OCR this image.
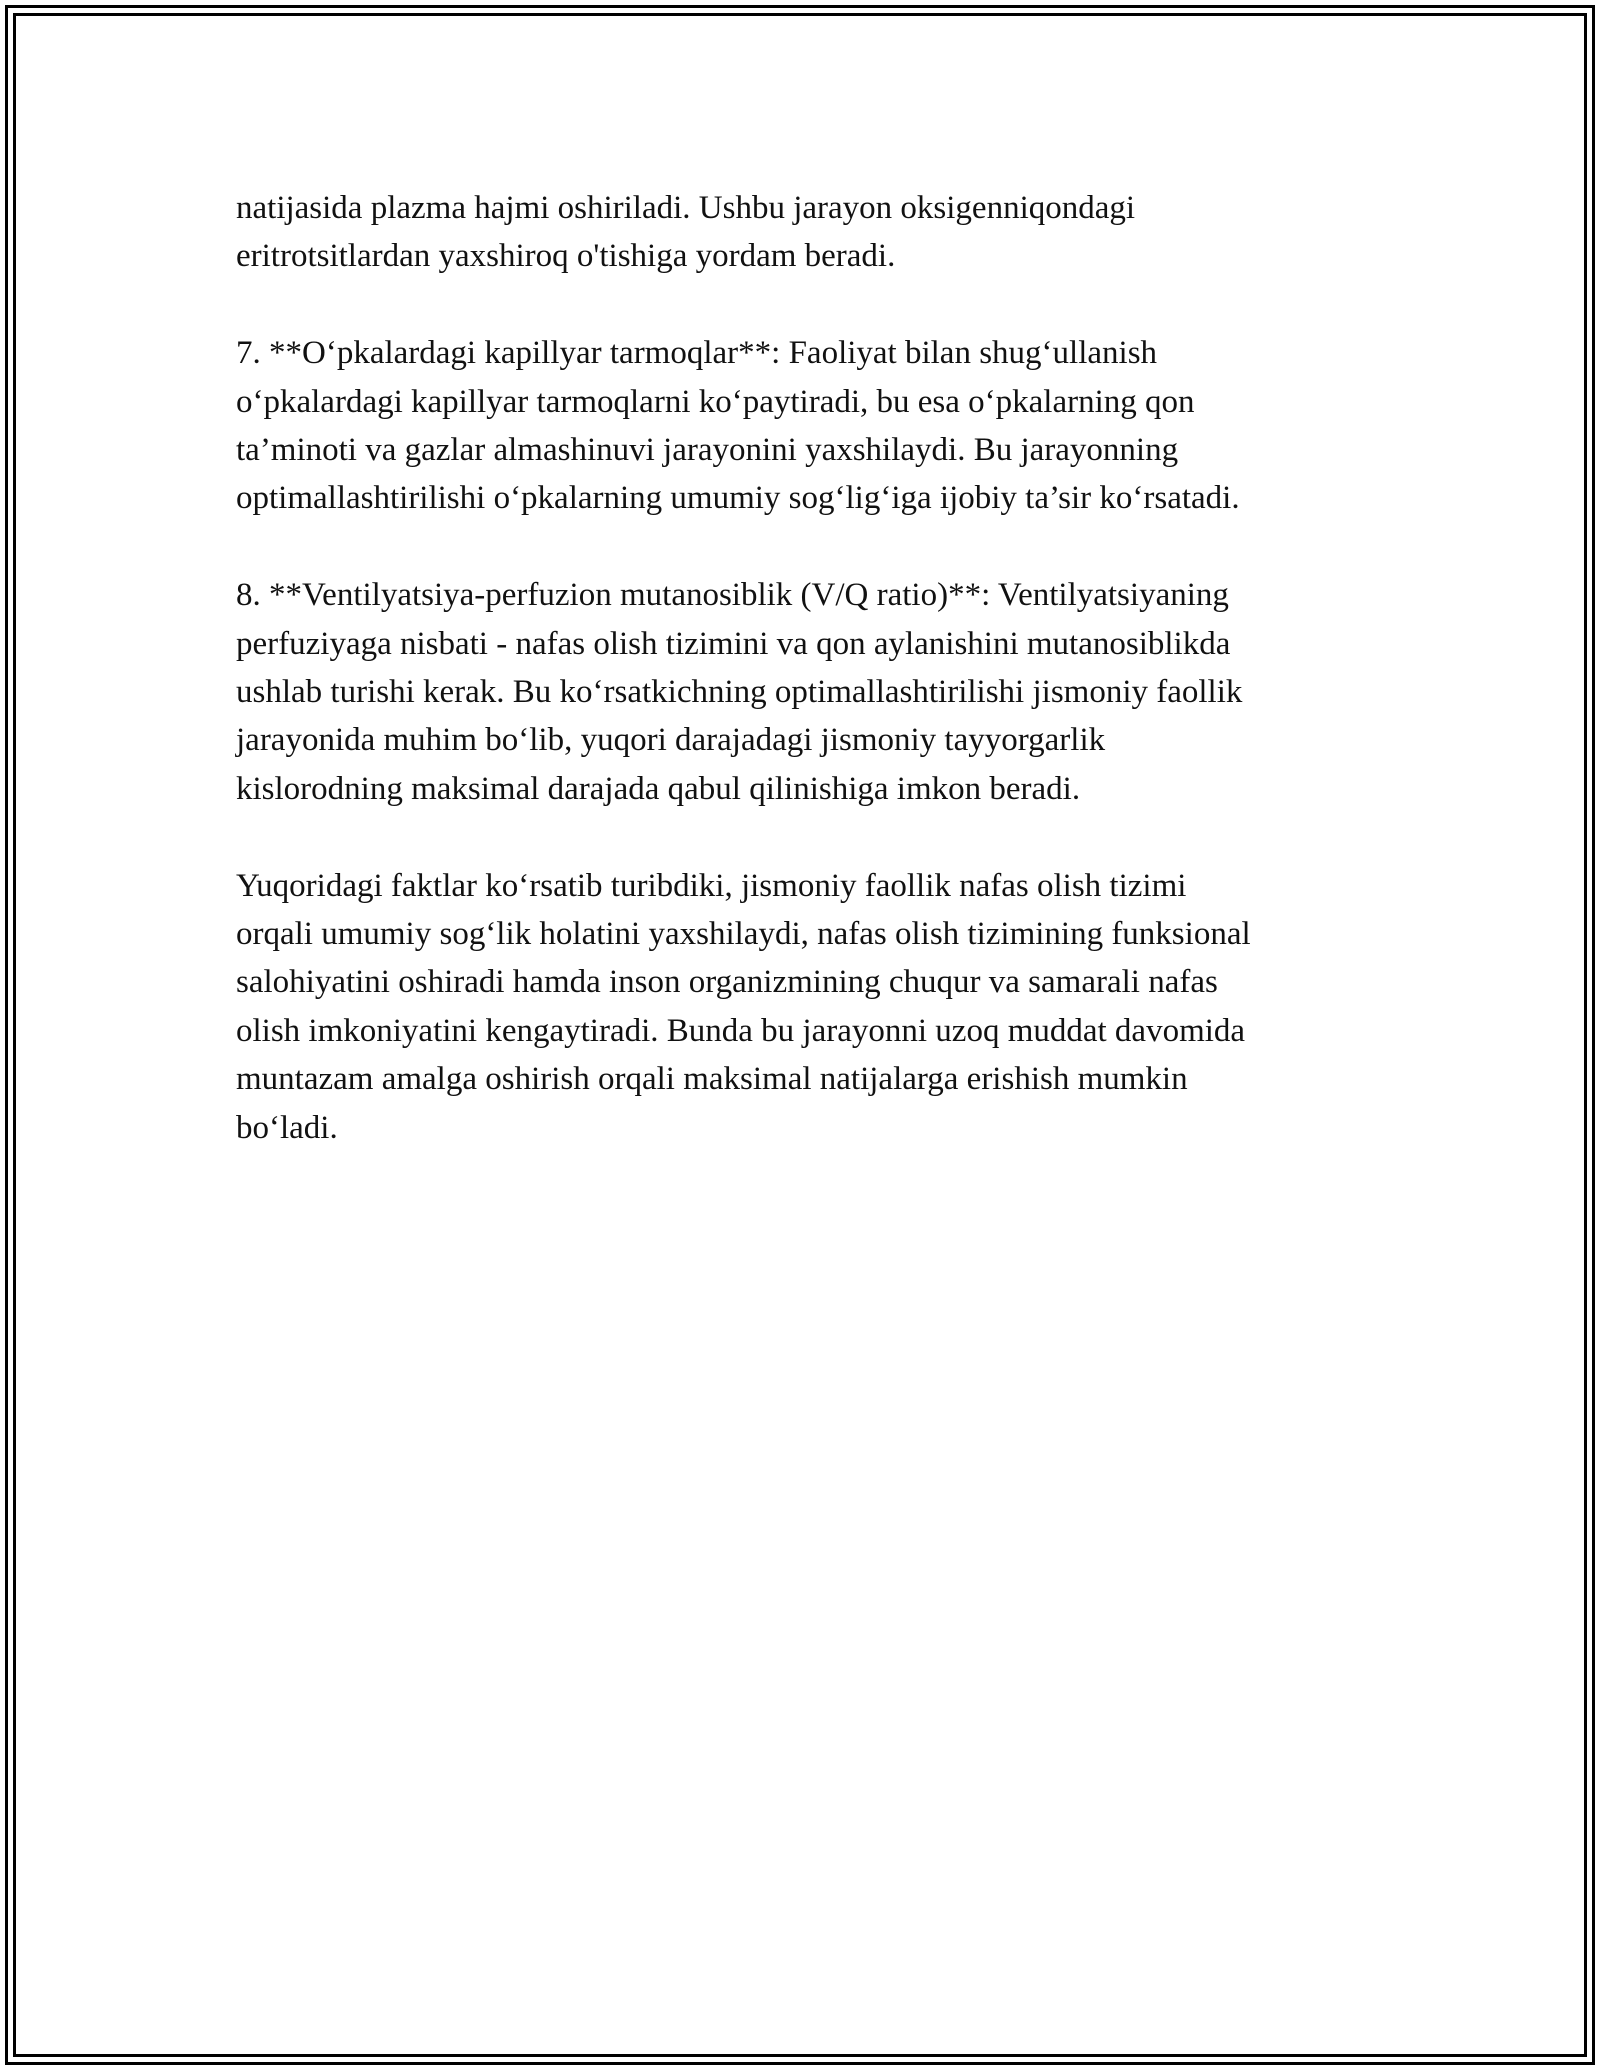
natijasida plazma hajmi oshiriladi. Ushbu jarayon oksigenniqondagi
eritrotsitlardan yaxshiroq o'tishiga yordam beradi.

7. **O‘pkalardagi kapillyar tarmoqlar**: Faoliyat bilan shug‘ullanish
o‘pkalardagi kapillyar tarmoqlarni ko‘paytiradi, bu esa o‘pkalarning qon
ta’minoti va gazlar almashinuvi jarayonini yaxshilaydi. Bu jarayonning
optimallashtirilishi o‘pkalarning umumiy sog‘lig‘iga ijobiy ta’sir ko‘rsatadi.

8. **Ventilyatsiya-perfuzion mutanosiblik (V/Q ratio)**: Ventilyatsiyaning
perfuziyaga nisbati - nafas olish tizimini va qon aylanishini mutanosiblikda
ushlab turishi kerak. Bu ko‘rsatkichning optimallashtirilishi jismoniy faollik
jarayonida muhim bo‘lib, yuqori darajadagi jismoniy tayyorgarlik
kislorodning maksimal darajada qabul qilinishiga imkon beradi.

Yuqoridagi faktlar ko‘rsatib turibdiki, jismoniy faollik nafas olish tizimi
orqali umumiy sog‘lik holatini yaxshilaydi, nafas olish tizimining funksional
salohiyatini oshiradi hamda inson organizmining chuqur va samarali nafas
olish imkoniyatini kengaytiradi. Bunda bu jarayonni uzoq muddat davomida
muntazam amalga oshirish orqali maksimal natijalarga erishish mumkin
bo‘ladi.
